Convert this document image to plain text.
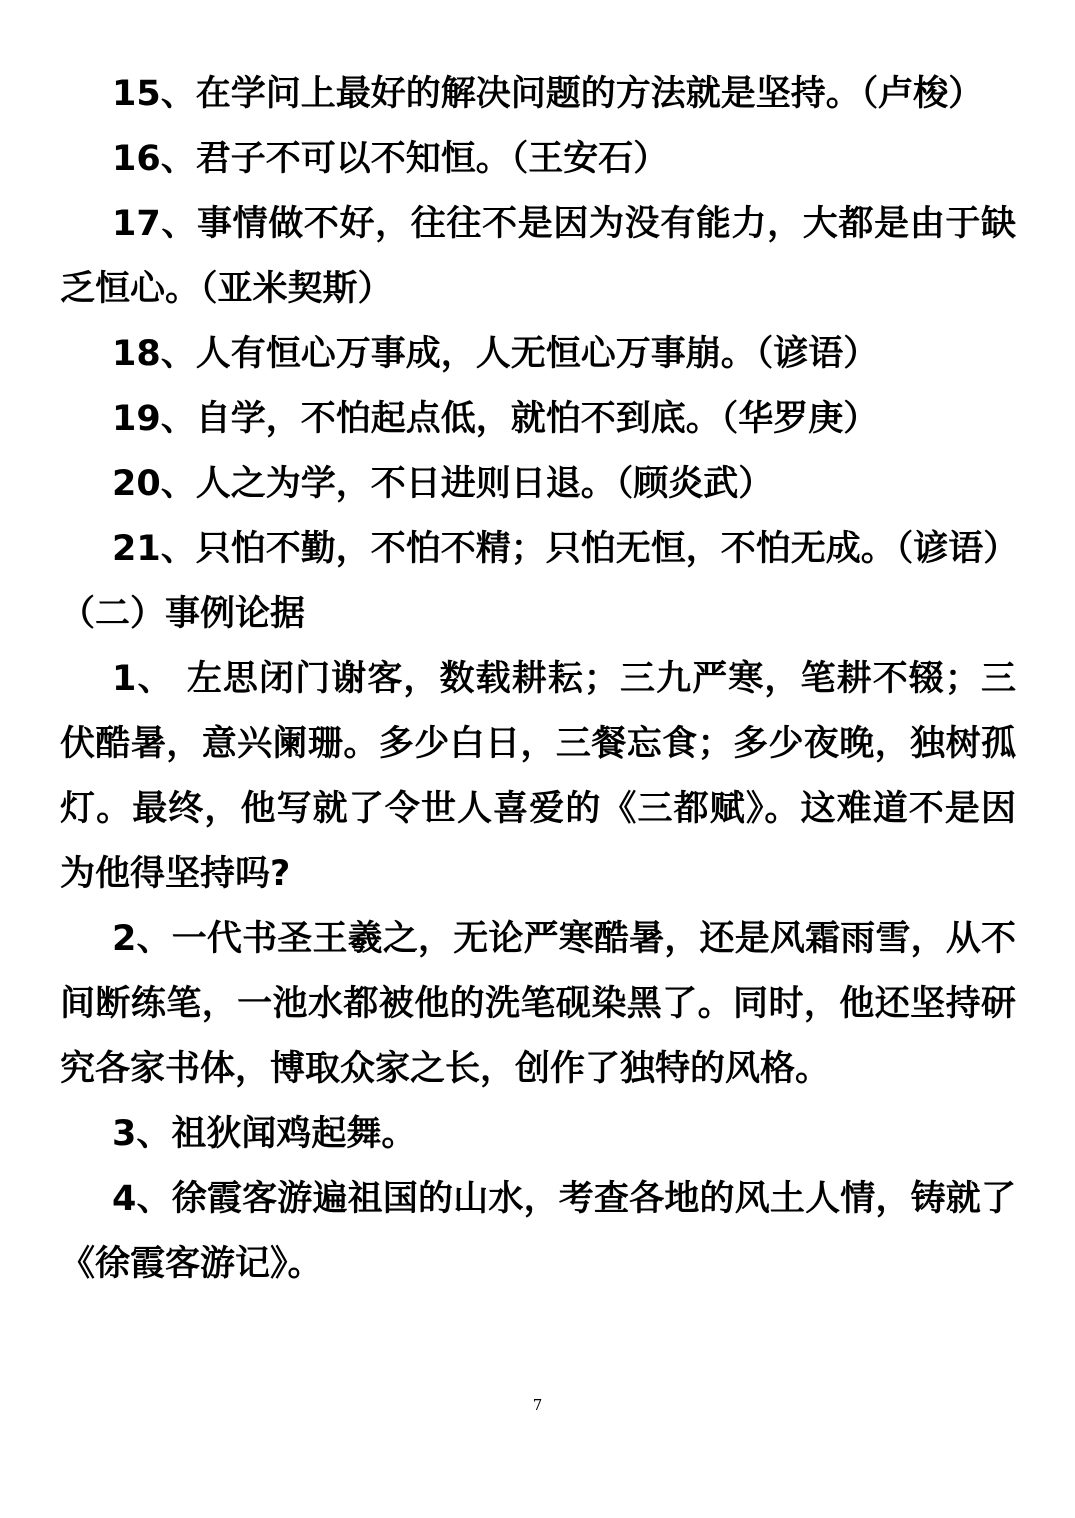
15、在学问上最好的解决问题的方法就是坚持。（卢梭）

16、君子不可以不知恒。（王安石）

17、事情做不好，往往不是因为没有能力，大都是由于缺乏恒心。（亚米契斯）

18、人有恒心万事成，人无恒心万事崩。（谚语）

19、自学，不怕起点低，就怕不到底。（华罗庚）

20、人之为学，不日进则日退。（顾炎武）

21、只怕不勤，不怕不精；只怕无恒，不怕无成。（谚语）

（二）事例论据

1、 左思闭门谢客，数载耕耘；三九严寒，笔耕不辍；三伏酷暑，意兴阑珊。多少白日，三餐忘食；多少夜晚，独树孤灯。最终，他写就了令世人喜爱的《三都赋》。这难道不是因为他得坚持吗?

2、一代书圣王羲之，无论严寒酷暑，还是风霜雨雪，从不间断练笔，一池水都被他的洗笔砚染黑了。同时，他还坚持研究各家书体，博取众家之长，创作了独特的风格。

3、祖狄闻鸡起舞。

4、徐霞客游遍祖国的山水，考查各地的风土人情，铸就了《徐霞客游记》。

7
